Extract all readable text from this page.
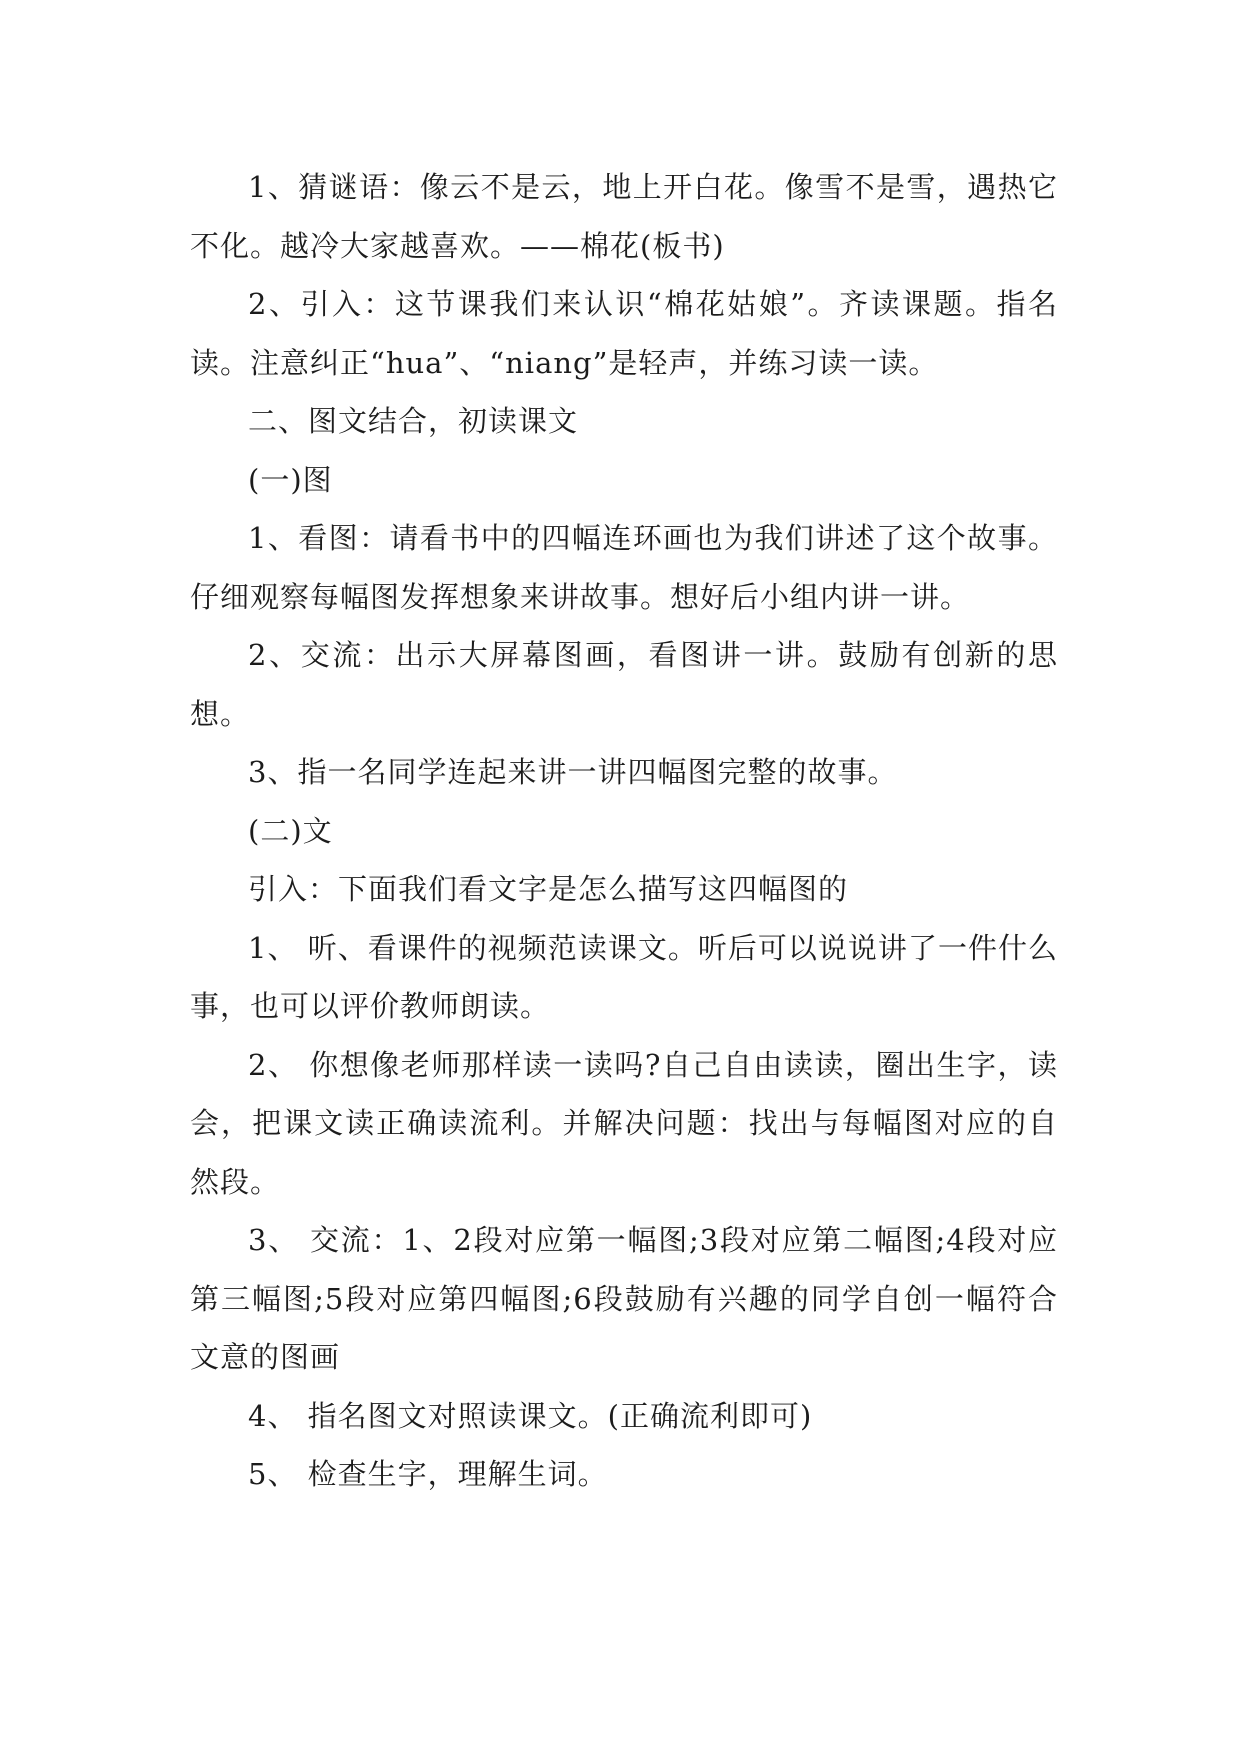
1、猜谜语：像云不是云，地上开白花。像雪不是雪，遇热它不化。越冷大家越喜欢。——棉花(板书)

2、引入：这节课我们来认识“棉花姑娘”。齐读课题。指名读。注意纠正“hua”、“niang”是轻声，并练习读一读。

二、图文结合，初读课文

(一)图

1、看图：请看书中的四幅连环画也为我们讲述了这个故事。仔细观察每幅图发挥想象来讲故事。想好后小组内讲一讲。

2、交流：出示大屏幕图画，看图讲一讲。鼓励有创新的思想。

3、指一名同学连起来讲一讲四幅图完整的故事。

(二)文

引入：下面我们看文字是怎么描写这四幅图的

1、 听、看课件的视频范读课文。听后可以说说讲了一件什么事，也可以评价教师朗读。

2、 你想像老师那样读一读吗?自己自由读读，圈出生字，读会，把课文读正确读流利。并解决问题：找出与每幅图对应的自然段。

3、 交流：1、2段对应第一幅图;3段对应第二幅图;4段对应第三幅图;5段对应第四幅图;6段鼓励有兴趣的同学自创一幅符合文意的图画

4、 指名图文对照读课文。(正确流利即可)

5、 检查生字，理解生词。
